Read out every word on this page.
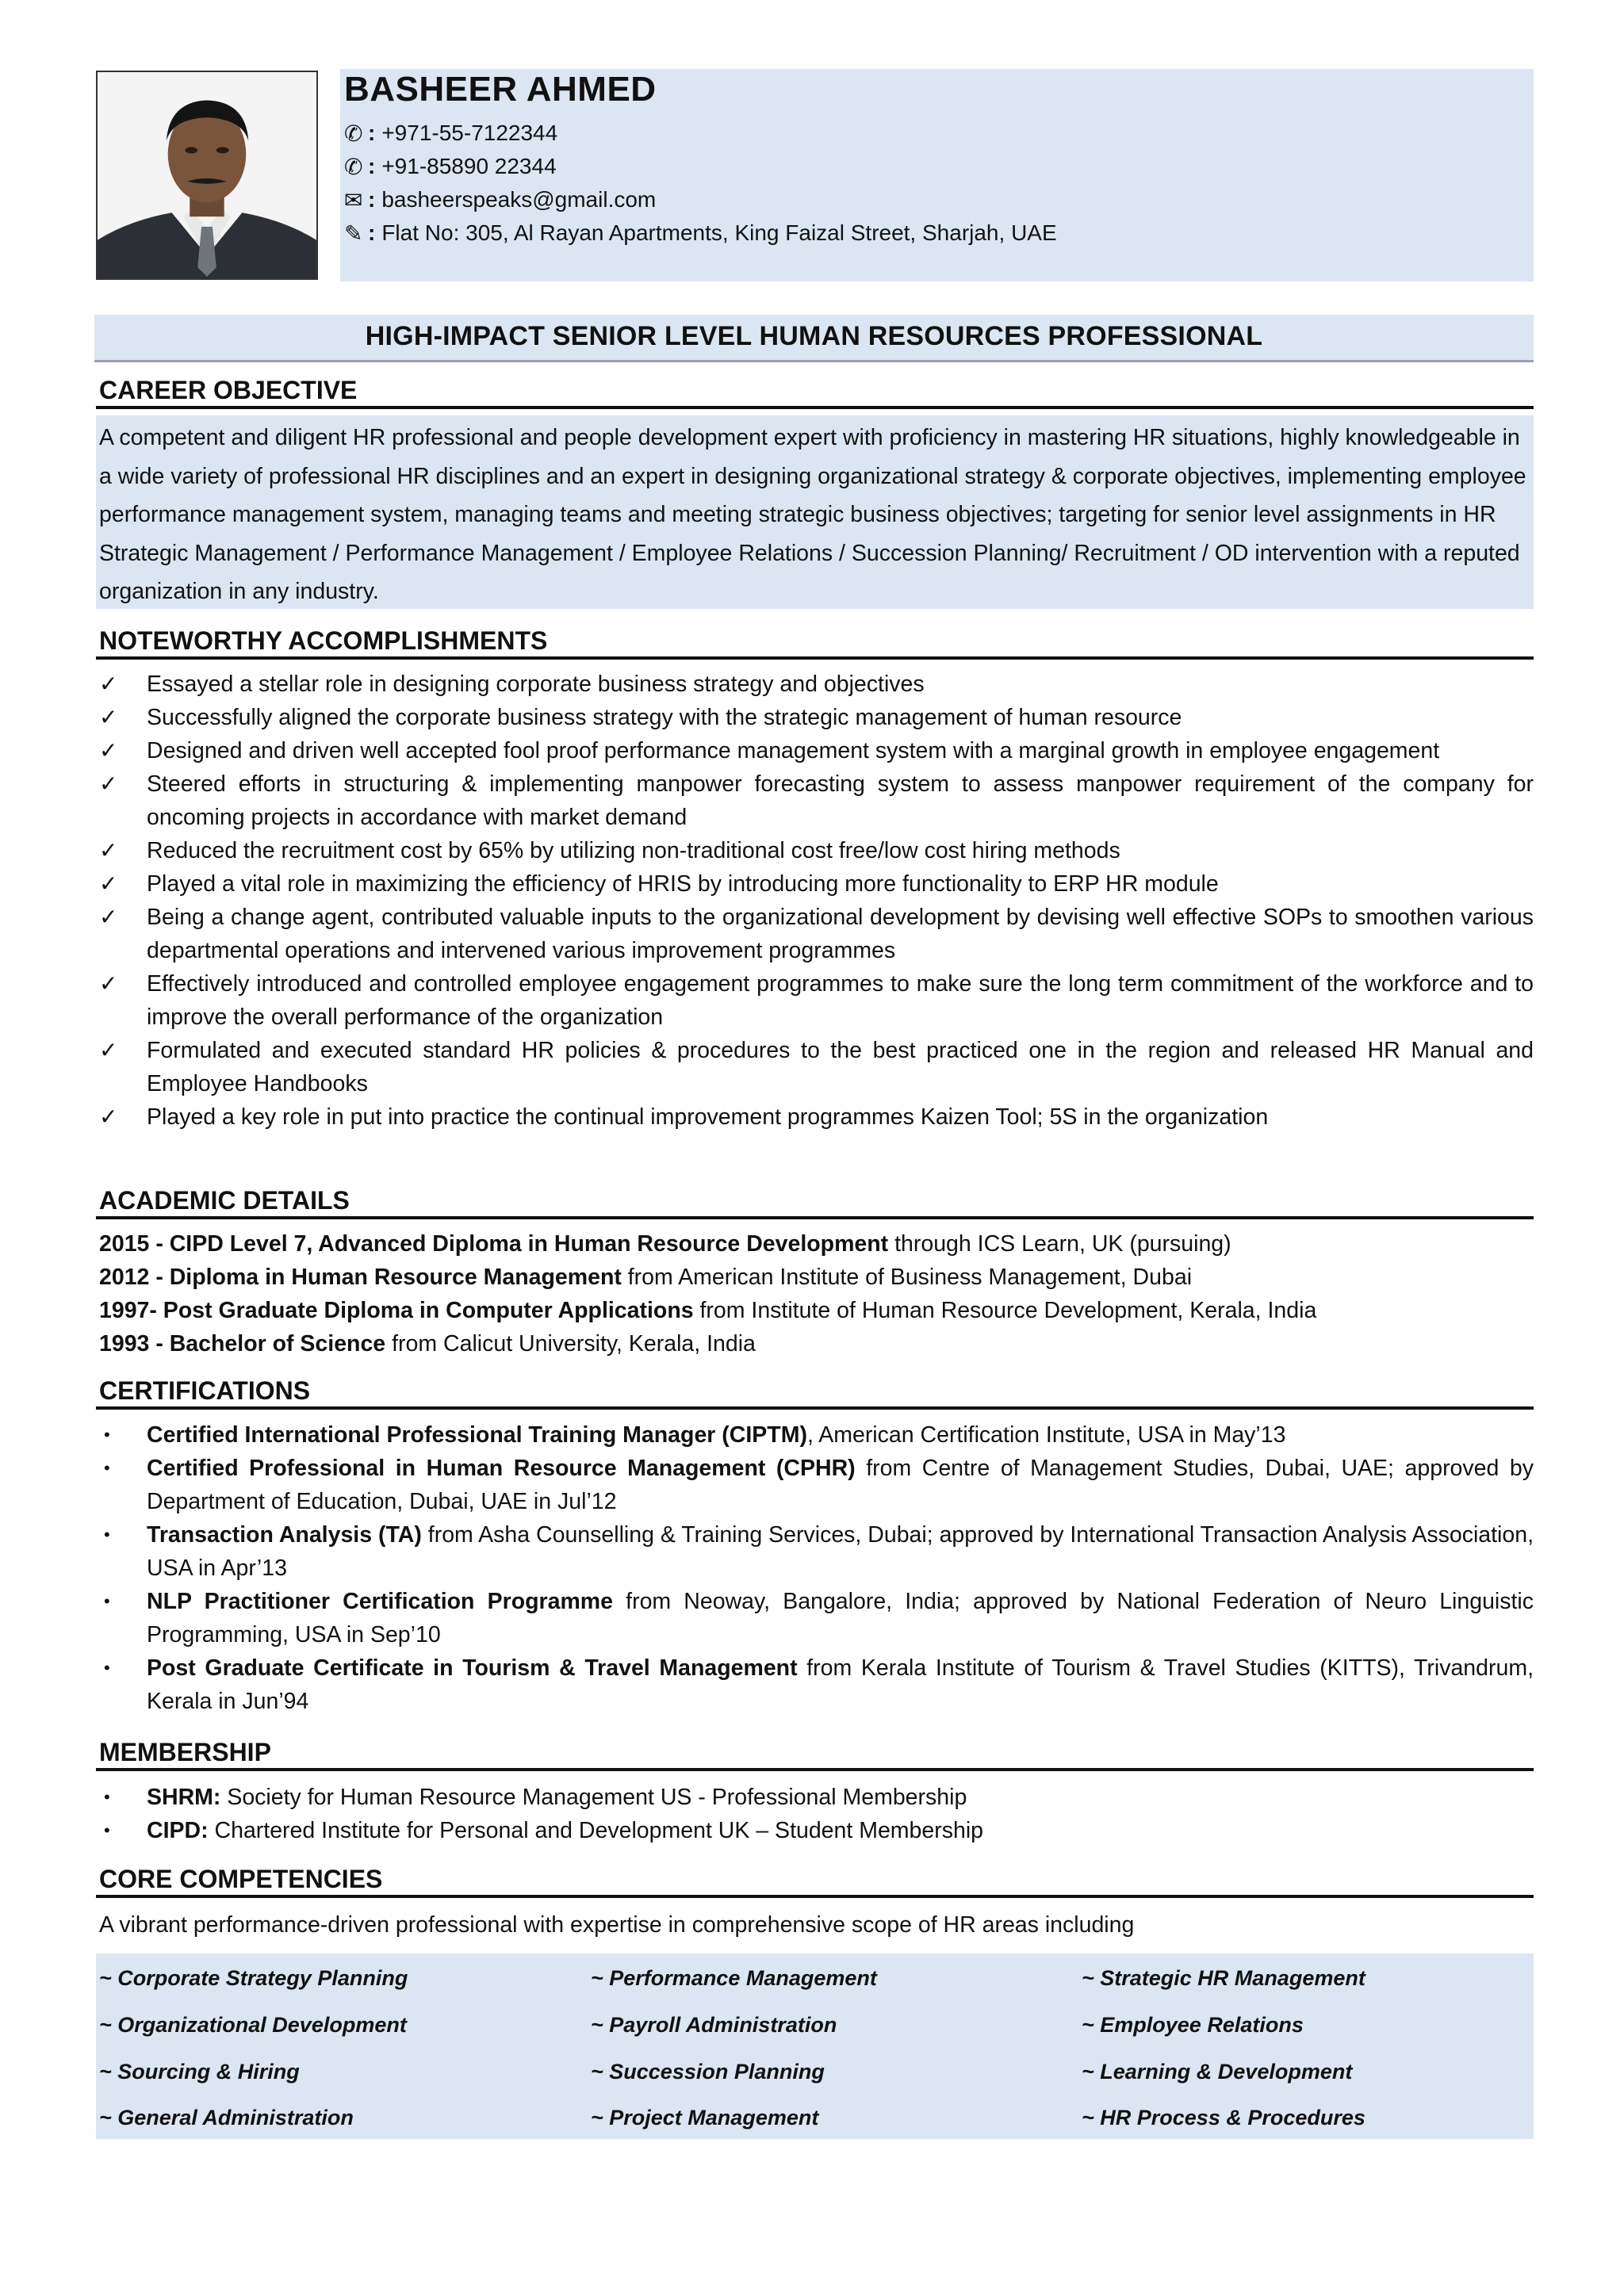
BASHEER AHMED
✆ : +971-55-7122344
✆ : +91-85890 22344
✉ : basheerspeaks@gmail.com
✎ : Flat No: 305, Al Rayan Apartments, King Faizal Street, Sharjah, UAE
HIGH-IMPACT SENIOR LEVEL HUMAN RESOURCES PROFESSIONAL
CAREER OBJECTIVE
A competent and diligent HR professional and people development expert with proficiency in mastering HR situations, highly knowledgeable in a wide variety of professional HR disciplines and an expert in designing organizational strategy & corporate objectives, implementing employee performance management system, managing teams and meeting strategic business objectives; targeting for senior level assignments in HR Strategic Management / Performance Management / Employee Relations / Succession Planning/ Recruitment / OD intervention with a reputed organization in any industry.
NOTEWORTHY ACCOMPLISHMENTS
✓	Essayed a stellar role in designing corporate business strategy and objectives
✓	Successfully aligned the corporate business strategy with the strategic management of human resource
✓	Designed and driven well accepted fool proof performance management system with a marginal growth in employee engagement
✓	Steered efforts in structuring & implementing manpower forecasting system to assess manpower requirement of the company for oncoming projects in accordance with market demand
✓	Reduced the recruitment cost by 65% by utilizing non-traditional cost free/low cost hiring methods
✓	Played a vital role in maximizing the efficiency of HRIS by introducing more functionality to ERP HR module
✓	Being a change agent, contributed valuable inputs to the organizational development by devising well effective SOPs to smoothen various departmental operations and intervened various improvement programmes
✓	Effectively introduced and controlled employee engagement programmes to make sure the long term commitment of the workforce and to improve the overall performance of the organization
✓	Formulated and executed standard HR policies & procedures to the best practiced one in the region and released HR Manual and Employee Handbooks
✓	Played a key role in put into practice the continual improvement programmes Kaizen Tool; 5S in the organization
ACADEMIC DETAILS
2015 - CIPD Level 7, Advanced Diploma in Human Resource Development through ICS Learn, UK (pursuing)
2012 - Diploma in Human Resource Management from American Institute of Business Management, Dubai
1997- Post Graduate Diploma in Computer Applications from Institute of Human Resource Development, Kerala, India
1993 - Bachelor of Science from Calicut University, Kerala, India
CERTIFICATIONS
•	Certified International Professional Training Manager (CIPTM), American Certification Institute, USA in May’13
•	Certified Professional in Human Resource Management (CPHR) from Centre of Management Studies, Dubai, UAE; approved by Department of Education, Dubai, UAE in Jul’12
•	Transaction Analysis (TA) from Asha Counselling & Training Services, Dubai; approved by International Transaction Analysis Association, USA in Apr’13
•	NLP Practitioner Certification Programme from Neoway, Bangalore, India; approved by National Federation of Neuro Linguistic Programming, USA in Sep’10
•	Post Graduate Certificate in Tourism & Travel Management from Kerala Institute of Tourism & Travel Studies (KITTS), Trivandrum, Kerala in Jun’94
MEMBERSHIP
•	SHRM: Society for Human Resource Management US - Professional Membership
•	CIPD: Chartered Institute for Personal and Development UK – Student Membership
CORE COMPETENCIES
A vibrant performance-driven professional with expertise in comprehensive scope of HR areas including
~ Corporate Strategy Planning	~ Performance Management	~ Strategic HR Management
~ Organizational Development	~ Payroll Administration	~ Employee Relations
~ Sourcing & Hiring	~ Succession Planning	~ Learning & Development
~ General Administration	~ Project Management	~ HR Process & Procedures
